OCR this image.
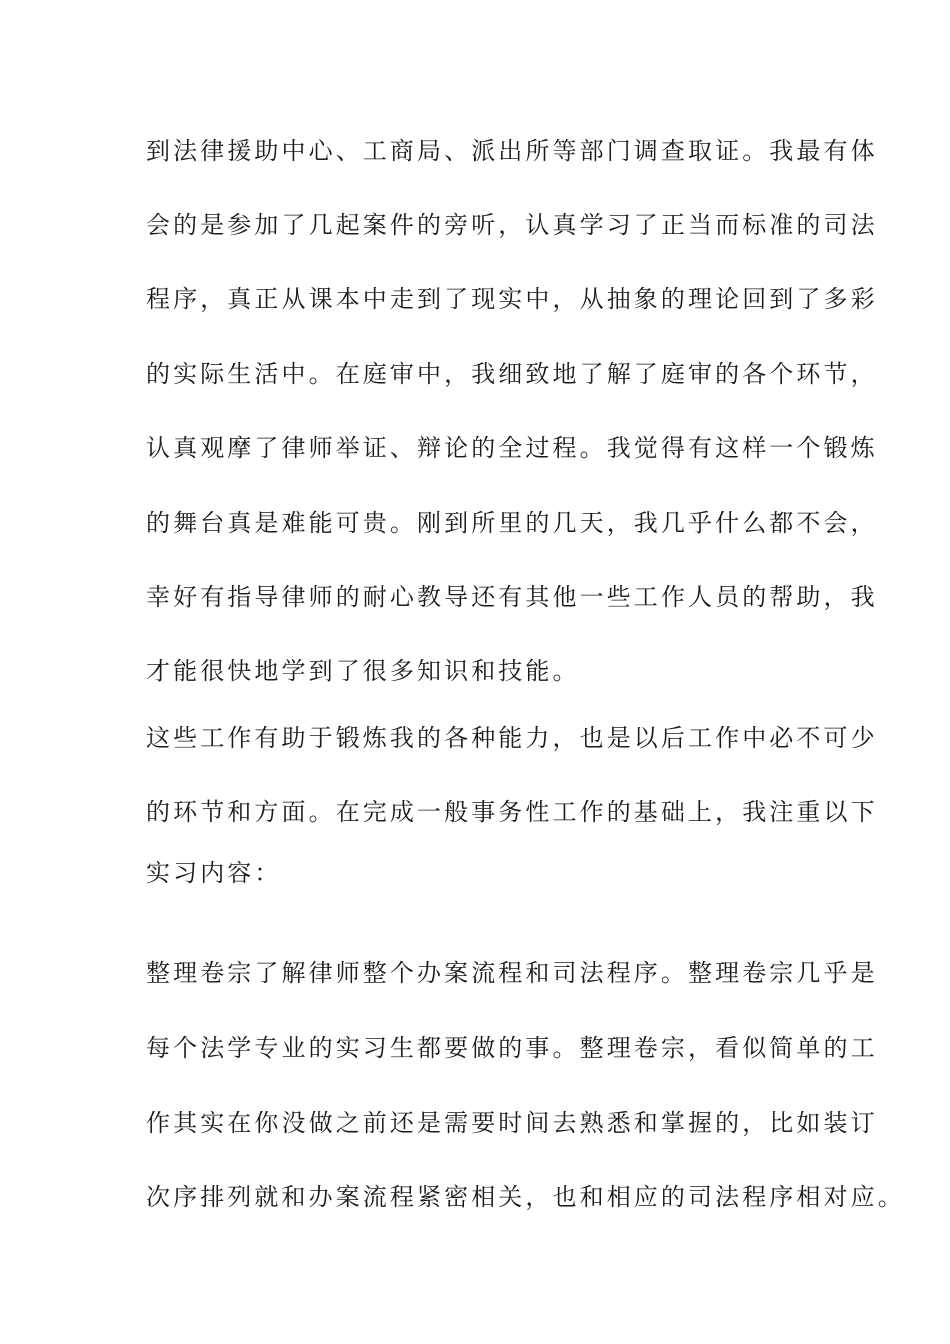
到法律援助中心、工商局、派出所等部门调查取证。我最有体
会的是参加了几起案件的旁听，认真学习了正当而标准的司法
程序，真正从课本中走到了现实中，从抽象的理论回到了多彩
的实际生活中。在庭审中，我细致地了解了庭审的各个环节，
认真观摩了律师举证、辩论的全过程。我觉得有这样一个锻炼
的舞台真是难能可贵。刚到所里的几天，我几乎什么都不会，
幸好有指导律师的耐心教导还有其他一些工作人员的帮助，我
才能很快地学到了很多知识和技能。
这些工作有助于锻炼我的各种能力，也是以后工作中必不可少
的环节和方面。在完成一般事务性工作的基础上，我注重以下
实习内容：
整理卷宗了解律师整个办案流程和司法程序。整理卷宗几乎是
每个法学专业的实习生都要做的事。整理卷宗，看似简单的工
作其实在你没做之前还是需要时间去熟悉和掌握的，比如装订
次序排列就和办案流程紧密相关，也和相应的司法程序相对应。
